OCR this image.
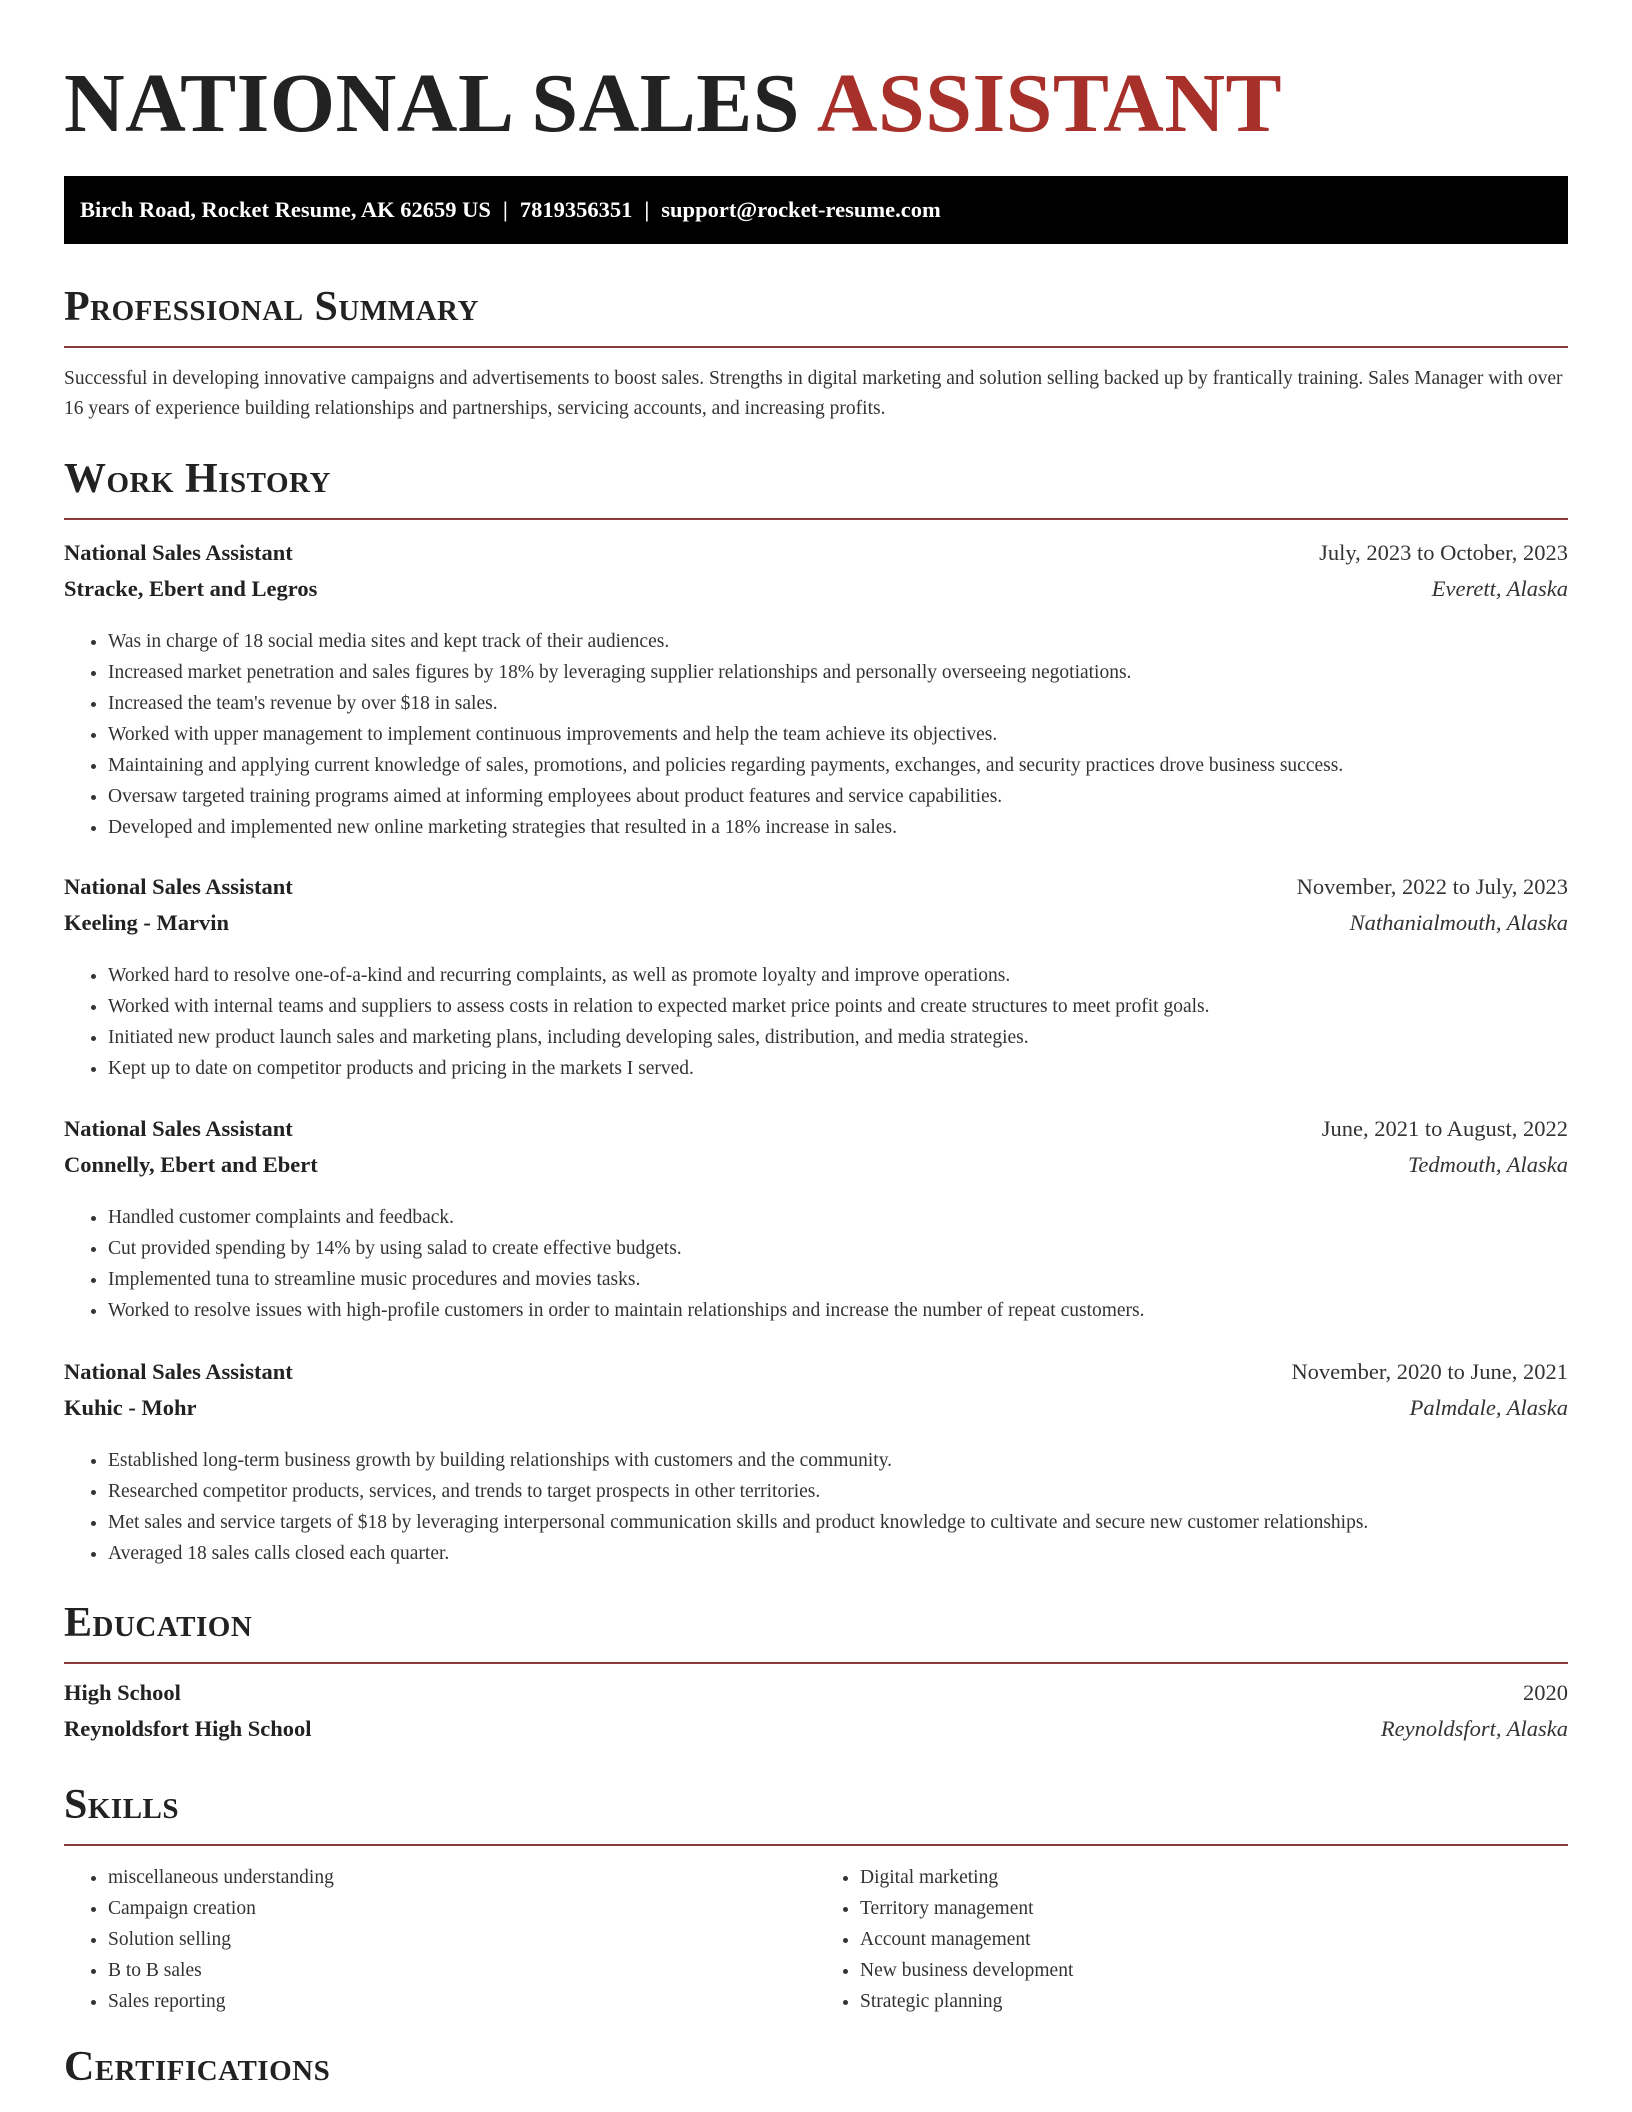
NATIONAL SALES ASSISTANT
Birch Road, Rocket Resume, AK 62659 US | 7819356351 | support@rocket-resume.com
Professional Summary

Successful in developing innovative campaigns and advertisements to boost sales. Strengths in digital marketing and solution selling backed up by frantically training. Sales Manager with over 16 years of experience building relationships and partnerships, servicing accounts, and increasing profits.

Work History
National Sales Assistant	July, 2023 to October, 2023
Stracke, Ebert and Legros	Everett, Alaska
• Was in charge of 18 social media sites and kept track of their audiences.
• Increased market penetration and sales figures by 18% by leveraging supplier relationships and personally overseeing negotiations.
• Increased the team's revenue by over $18 in sales.
• Worked with upper management to implement continuous improvements and help the team achieve its objectives.
• Maintaining and applying current knowledge of sales, promotions, and policies regarding payments, exchanges, and security practices drove business success.
• Oversaw targeted training programs aimed at informing employees about product features and service capabilities.
• Developed and implemented new online marketing strategies that resulted in a 18% increase in sales.
National Sales Assistant	November, 2022 to July, 2023
Keeling - Marvin	Nathanialmouth, Alaska
• Worked hard to resolve one-of-a-kind and recurring complaints, as well as promote loyalty and improve operations.
• Worked with internal teams and suppliers to assess costs in relation to expected market price points and create structures to meet profit goals.
• Initiated new product launch sales and marketing plans, including developing sales, distribution, and media strategies.
• Kept up to date on competitor products and pricing in the markets I served.
National Sales Assistant	June, 2021 to August, 2022
Connelly, Ebert and Ebert	Tedmouth, Alaska
• Handled customer complaints and feedback.
• Cut provided spending by 14% by using salad to create effective budgets.
• Implemented tuna to streamline music procedures and movies tasks.
• Worked to resolve issues with high-profile customers in order to maintain relationships and increase the number of repeat customers.
National Sales Assistant	November, 2020 to June, 2021
Kuhic - Mohr	Palmdale, Alaska
• Established long-term business growth by building relationships with customers and the community.
• Researched competitor products, services, and trends to target prospects in other territories.
• Met sales and service targets of $18 by leveraging interpersonal communication skills and product knowledge to cultivate and secure new customer relationships.
• Averaged 18 sales calls closed each quarter.
Education
High School	2020
Reynoldsfort High School	Reynoldsfort, Alaska
Skills
• miscellaneous understanding
• Campaign creation
• Solution selling
• B to B sales
• Sales reporting
• Digital marketing
• Territory management
• Account management
• New business development
• Strategic planning
Certifications
